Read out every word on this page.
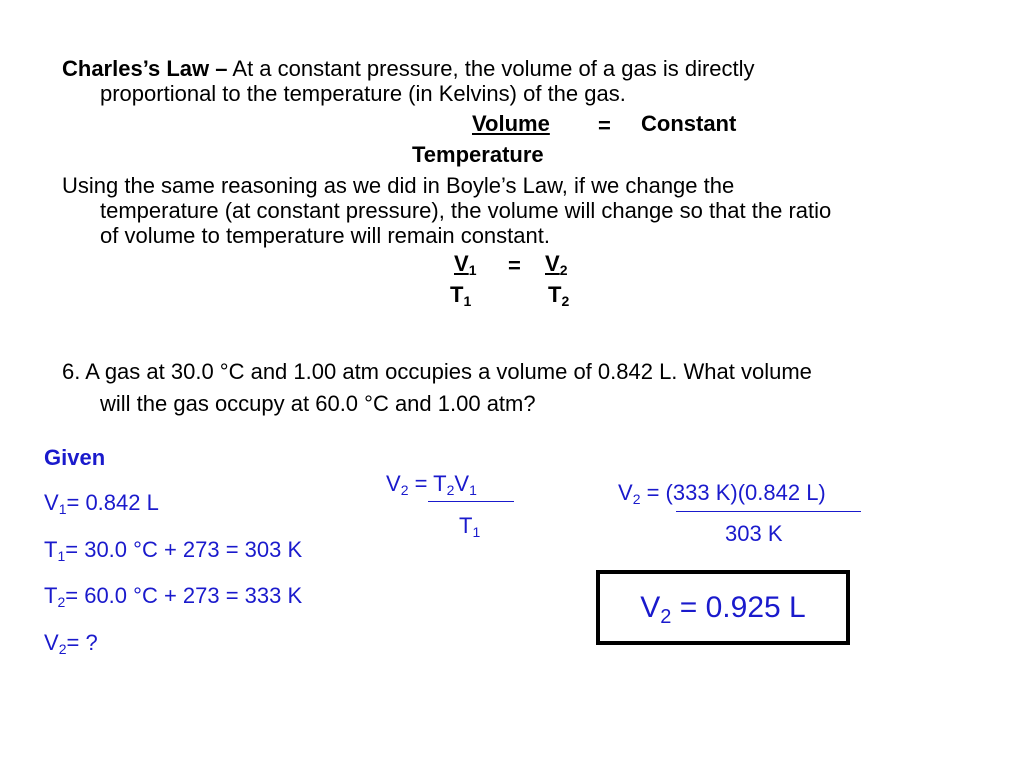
Charles’s Law – At a constant pressure, the volume of a gas is directly
proportional to the temperature (in Kelvins) of the gas.
Volume = Constant
Temperature
Using the same reasoning as we did in Boyle’s Law, if we change the
temperature (at constant pressure), the volume will change so that the ratio
of volume to temperature will remain constant.
$V_1 = V_2$
$T_1$	$T_2$
6. A gas at 30.0 °C and 1.00 atm occupies a volume of 0.842 L. What volume
will the gas occupy at 60.0 °C and 1.00 atm?
Given
$V_1= 0.842$ L
$T_1= 30.0$ °C + 273 = 303 K
$T_2= 60.0$ °C + 273 = 333 K
$V_2=$ ?
$V_2 = T_2V_1$
$T_1$
$V_2 = (333$ K)(0.842 L)
303 K
$V_2 = 0.925$ L
